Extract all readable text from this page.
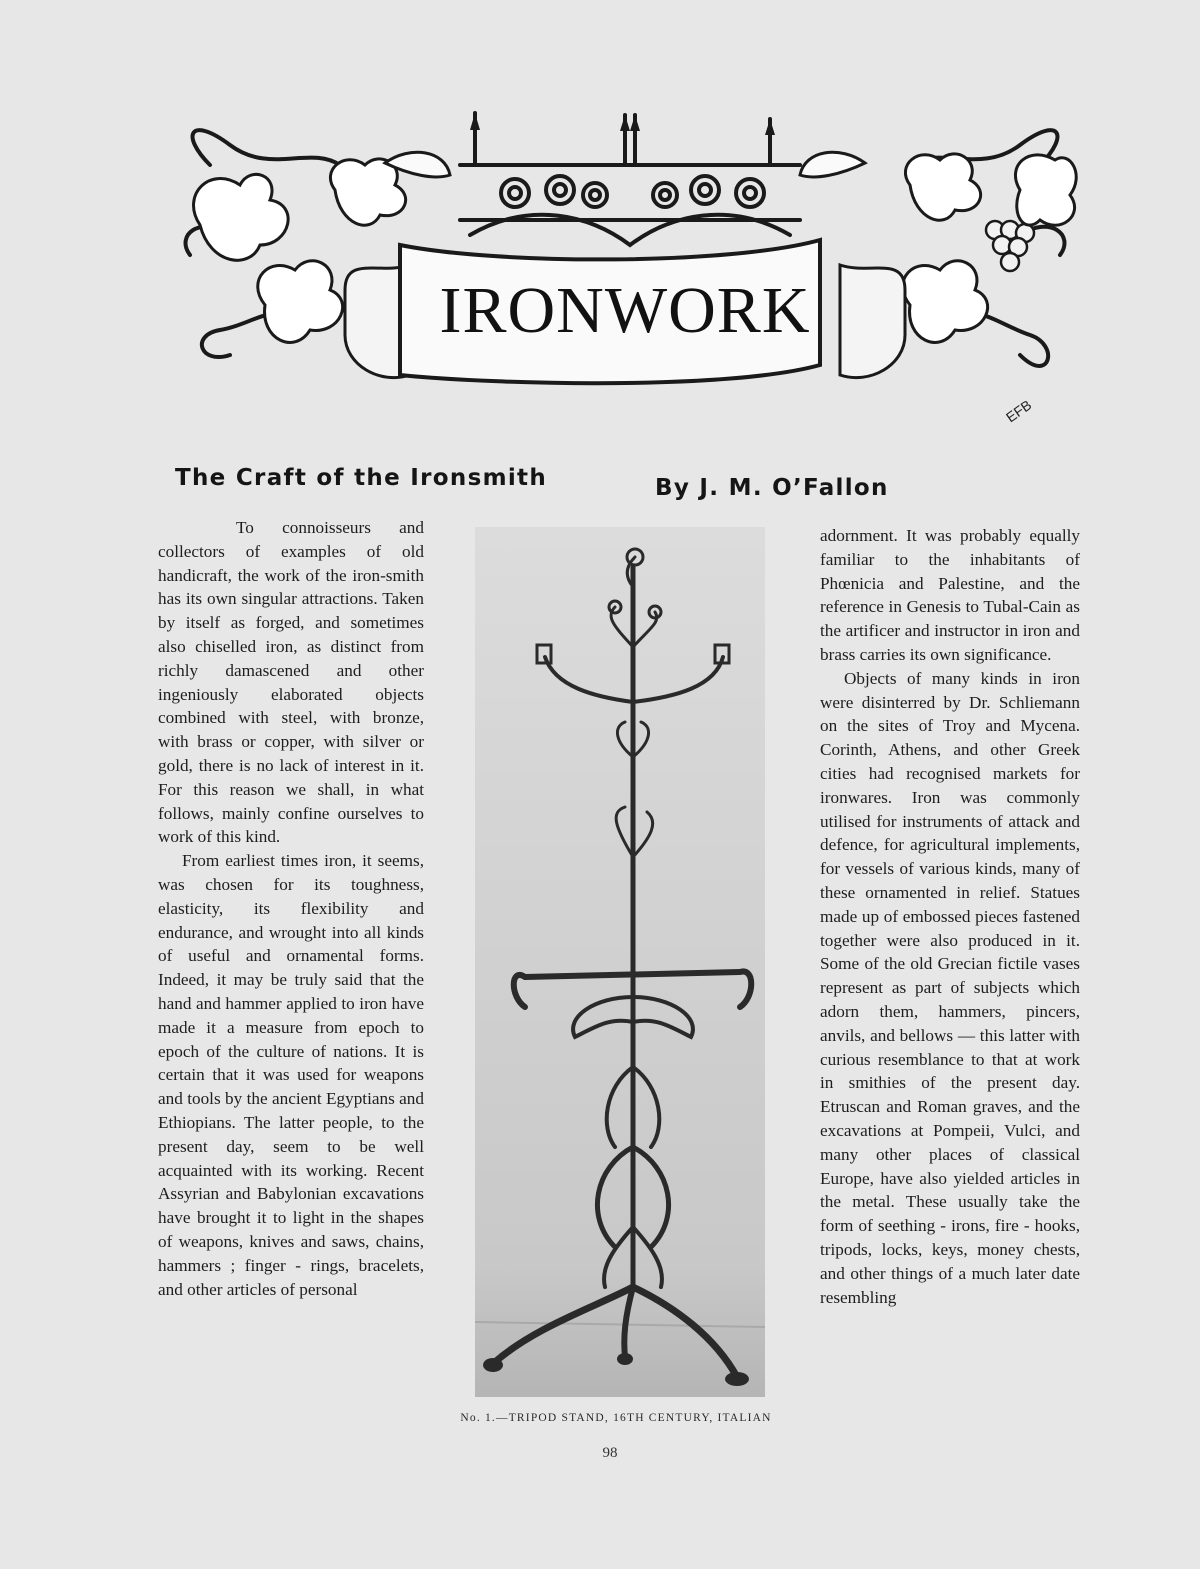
IRONWORK
EFB
The Craft of the Ironsmith	By J. M. O’Fallon

To connoisseurs and collectors of examples of old handicraft, the work of the iron-smith has its own singular attractions. Taken by itself as forged, and sometimes also chiselled iron, as distinct from richly damascened and other ingeniously elaborated objects combined with steel, with bronze, with brass or copper, with silver or gold, there is no lack of interest in it. For this reason we shall, in what follows, mainly confine ourselves to work of this kind.

From earliest times iron, it seems, was chosen for its toughness, elasticity, its flexibility and endurance, and wrought into all kinds of useful and ornamental forms. Indeed, it may be truly said that the hand and hammer applied to iron have made it a measure from epoch to epoch of the culture of nations. It is certain that it was used for weapons and tools by the ancient Egyptians and Ethiopians. The latter people, to the present day, seem to be well acquainted with its working. Recent Assyrian and Babylonian excavations have brought it to light in the shapes of weapons, knives and saws, chains, hammers ; finger - rings, bracelets, and other articles of personal

No. 1.—TRIPOD STAND, 16TH CENTURY, ITALIAN

adornment. It was probably equally familiar to the inhabitants of Phœnicia and Palestine, and the reference in Genesis to Tubal-Cain as the artificer and instructor in iron and brass carries its own significance.

Objects of many kinds in iron were disinterred by Dr. Schliemann on the sites of Troy and Mycena. Corinth, Athens, and other Greek cities had recognised markets for ironwares. Iron was commonly utilised for instruments of attack and defence, for agricultural implements, for vessels of various kinds, many of these ornamented in relief. Statues made up of embossed pieces fastened together were also produced in it. Some of the old Grecian fictile vases represent as part of subjects which adorn them, hammers, pincers, anvils, and bellows — this latter with curious resemblance to that at work in smithies of the present day. Etruscan and Roman graves, and the excavations at Pompeii, Vulci, and many other places of classical Europe, have also yielded articles in the metal. These usually take the form of seething - irons, fire - hooks, tripods, locks, keys, money chests, and other things of a much later date resembling

98
